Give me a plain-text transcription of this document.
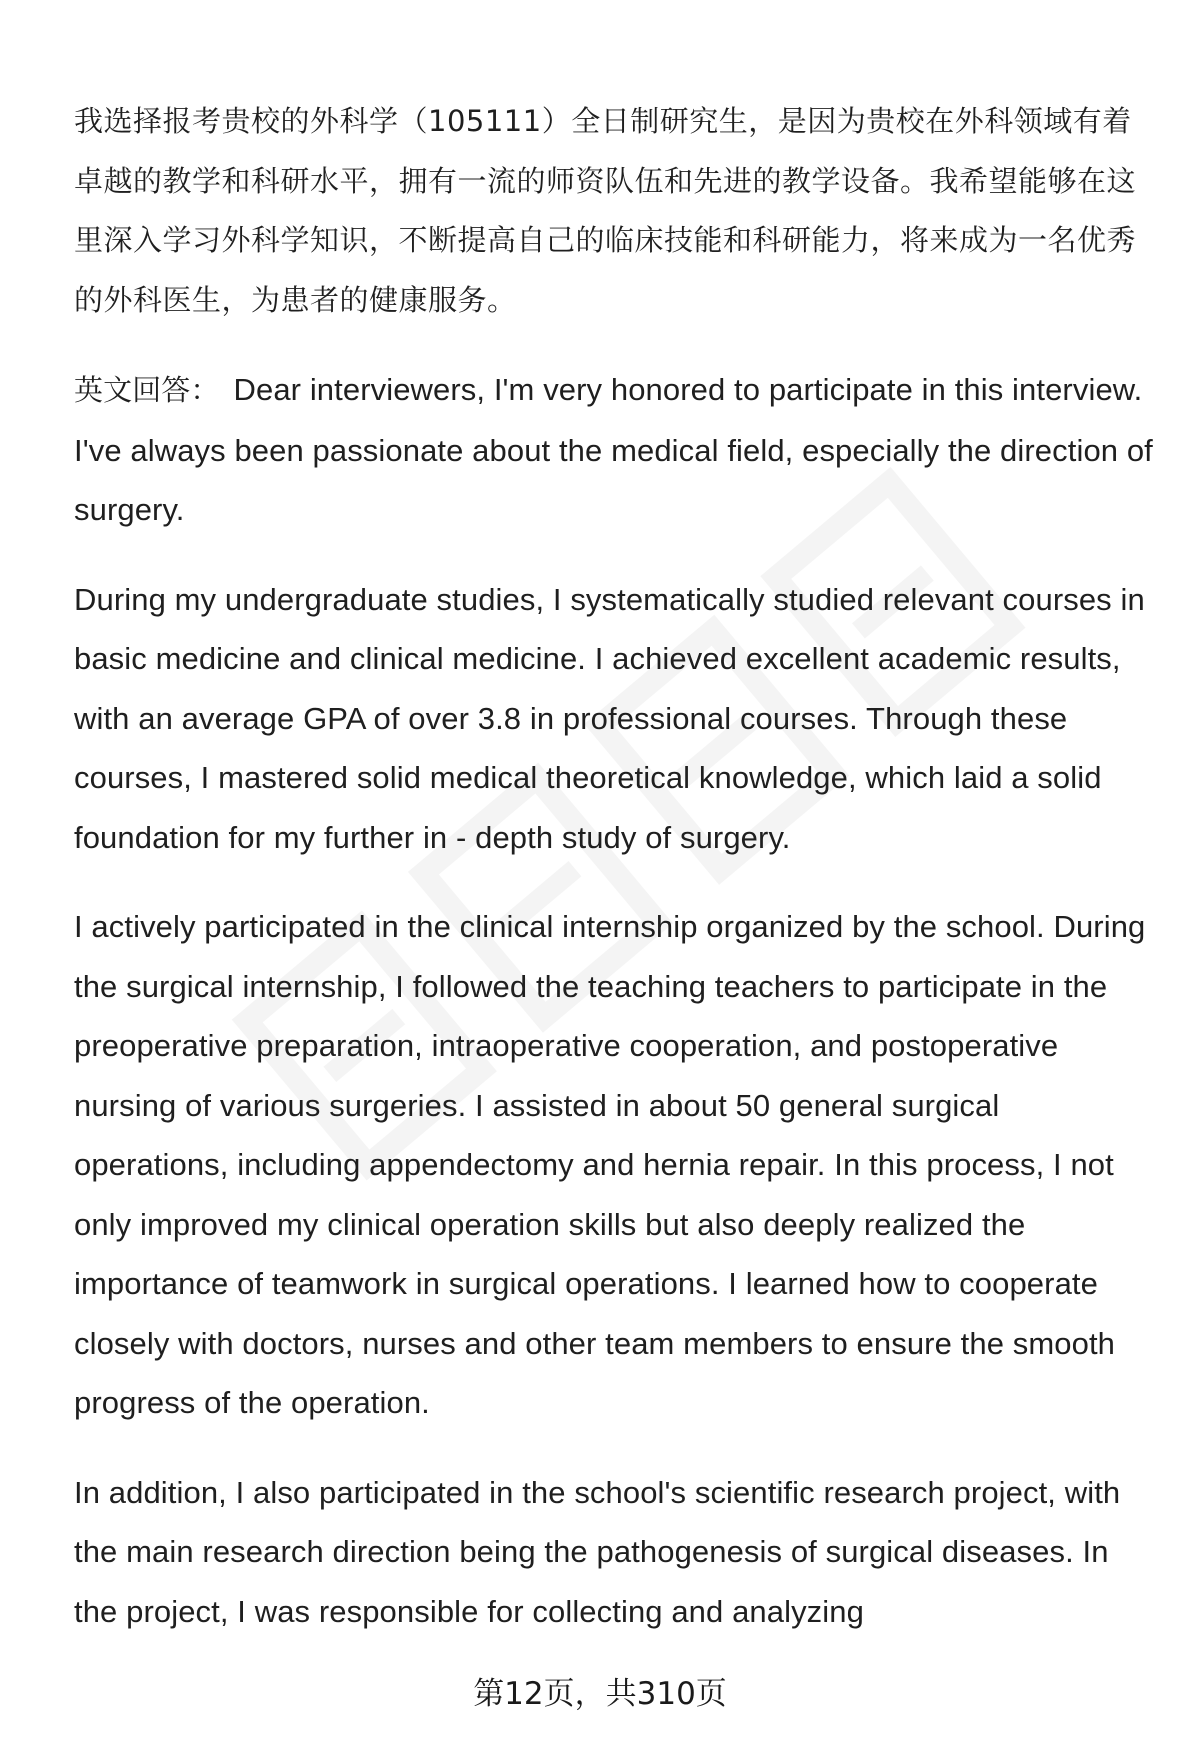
我选择报考贵校的外科学（105111）全日制研究生，是因为贵校在外科领域有着卓越的教学和科研水平，拥有一流的师资队伍和先进的教学设备。我希望能够在这里深入学习外科学知识，不断提高自己的临床技能和科研能力，将来成为一名优秀的外科医生，为患者的健康服务。

英文回答： Dear interviewers, I'm very honored to participate in this interview. I've always been passionate about the medical field, especially the direction of surgery.

During my undergraduate studies, I systematically studied relevant courses in basic medicine and clinical medicine. I achieved excellent academic results, with an average GPA of over 3.8 in professional courses. Through these courses, I mastered solid medical theoretical knowledge, which laid a solid foundation for my further in - depth study of surgery.

I actively participated in the clinical internship organized by the school. During the surgical internship, I followed the teaching teachers to participate in the preoperative preparation, intraoperative cooperation, and postoperative nursing of various surgeries. I assisted in about 50 general surgical operations, including appendectomy and hernia repair. In this process, I not only improved my clinical operation skills but also deeply realized the importance of teamwork in surgical operations. I learned how to cooperate closely with doctors, nurses and other team members to ensure the smooth progress of the operation.

In addition, I also participated in the school's scientific research project, with the main research direction being the pathogenesis of surgical diseases. In the project, I was responsible for collecting and analyzing

第12页，共310页
